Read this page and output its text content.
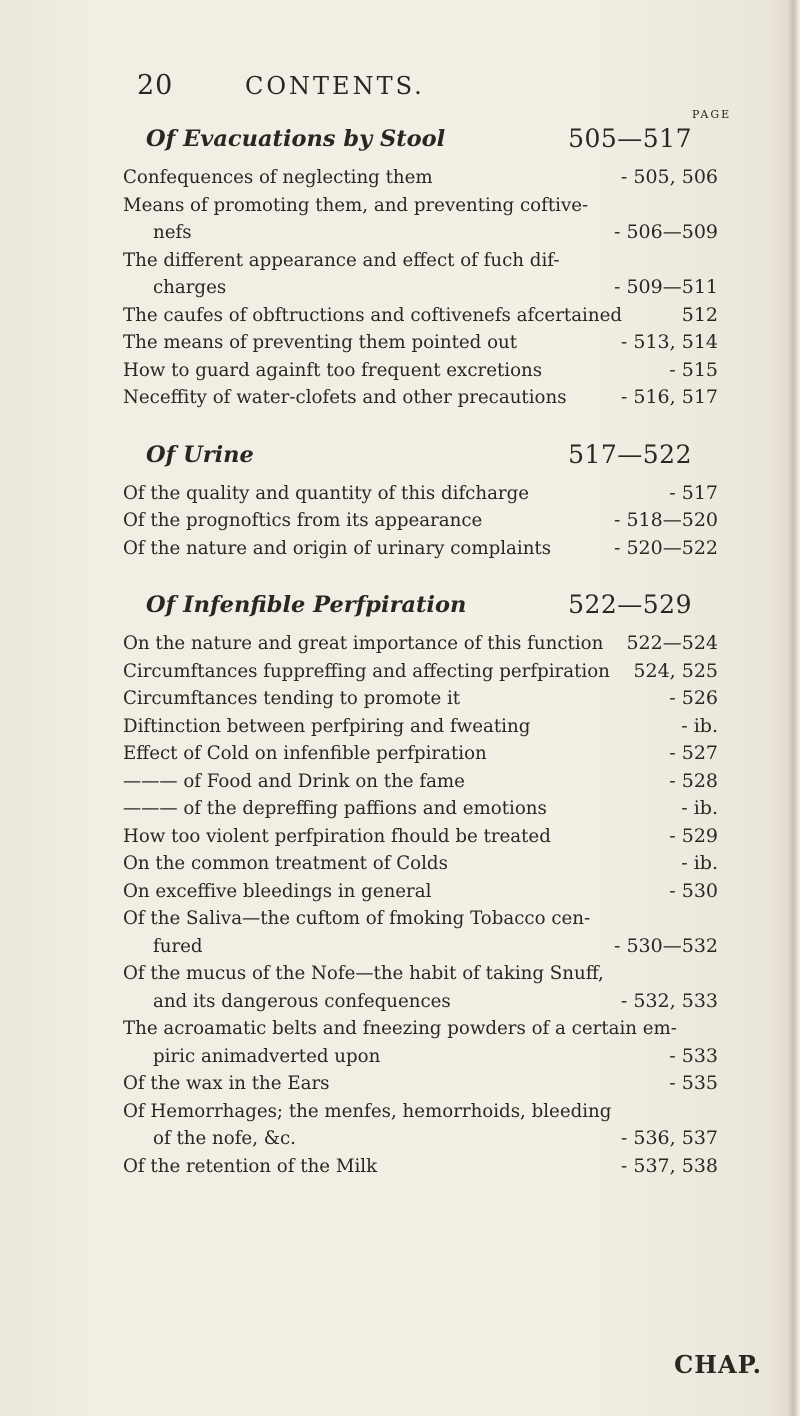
20	CONTENTS.
PAGE
Of Evacuations by Stool	505—517
Confequences of neglecting them	- 505, 506
Means of promoting them, and preventing coftive-
nefs	- 506—509
The different appearance and effect of fuch dif-
charges	- 509—511
The caufes of obftructions and coftivenefs afcertained	512
The means of preventing them pointed out	- 513, 514
How to guard againft too frequent excretions	- 515
Neceffity of water-clofets and other precautions	- 516, 517
Of Urine	517—522
Of the quality and quantity of this difcharge	- 517
Of the prognoftics from its appearance	- 518—520
Of the nature and origin of urinary complaints	- 520—522
Of Infenfible Perfpiration	522—529
On the nature and great importance of this function	522—524
Circumftances fuppreffing and affecting perfpiration	524, 525
Circumftances tending to promote it	- 526
Diftinction between perfpiring and fweating	- ib.
Effect of Cold on infenfible perfpiration	- 527
——— of Food and Drink on the fame	- 528
——— of the depreffing paffions and emotions	- ib.
How too violent perfpiration fhould be treated	- 529
On the common treatment of Colds	- ib.
On exceffive bleedings in general	- 530
Of the Saliva—the cuftom of fmoking Tobacco cen-
fured	- 530—532
Of the mucus of the Nofe—the habit of taking Snuff,
and its dangerous confequences	- 532, 533
The acroamatic belts and fneezing powders of a certain em-
piric animadverted upon	- 533
Of the wax in the Ears	- 535
Of Hemorrhages; the menfes, hemorrhoids, bleeding
of the nofe, &c.	- 536, 537
Of the retention of the Milk	- 537, 538
CHAP.
